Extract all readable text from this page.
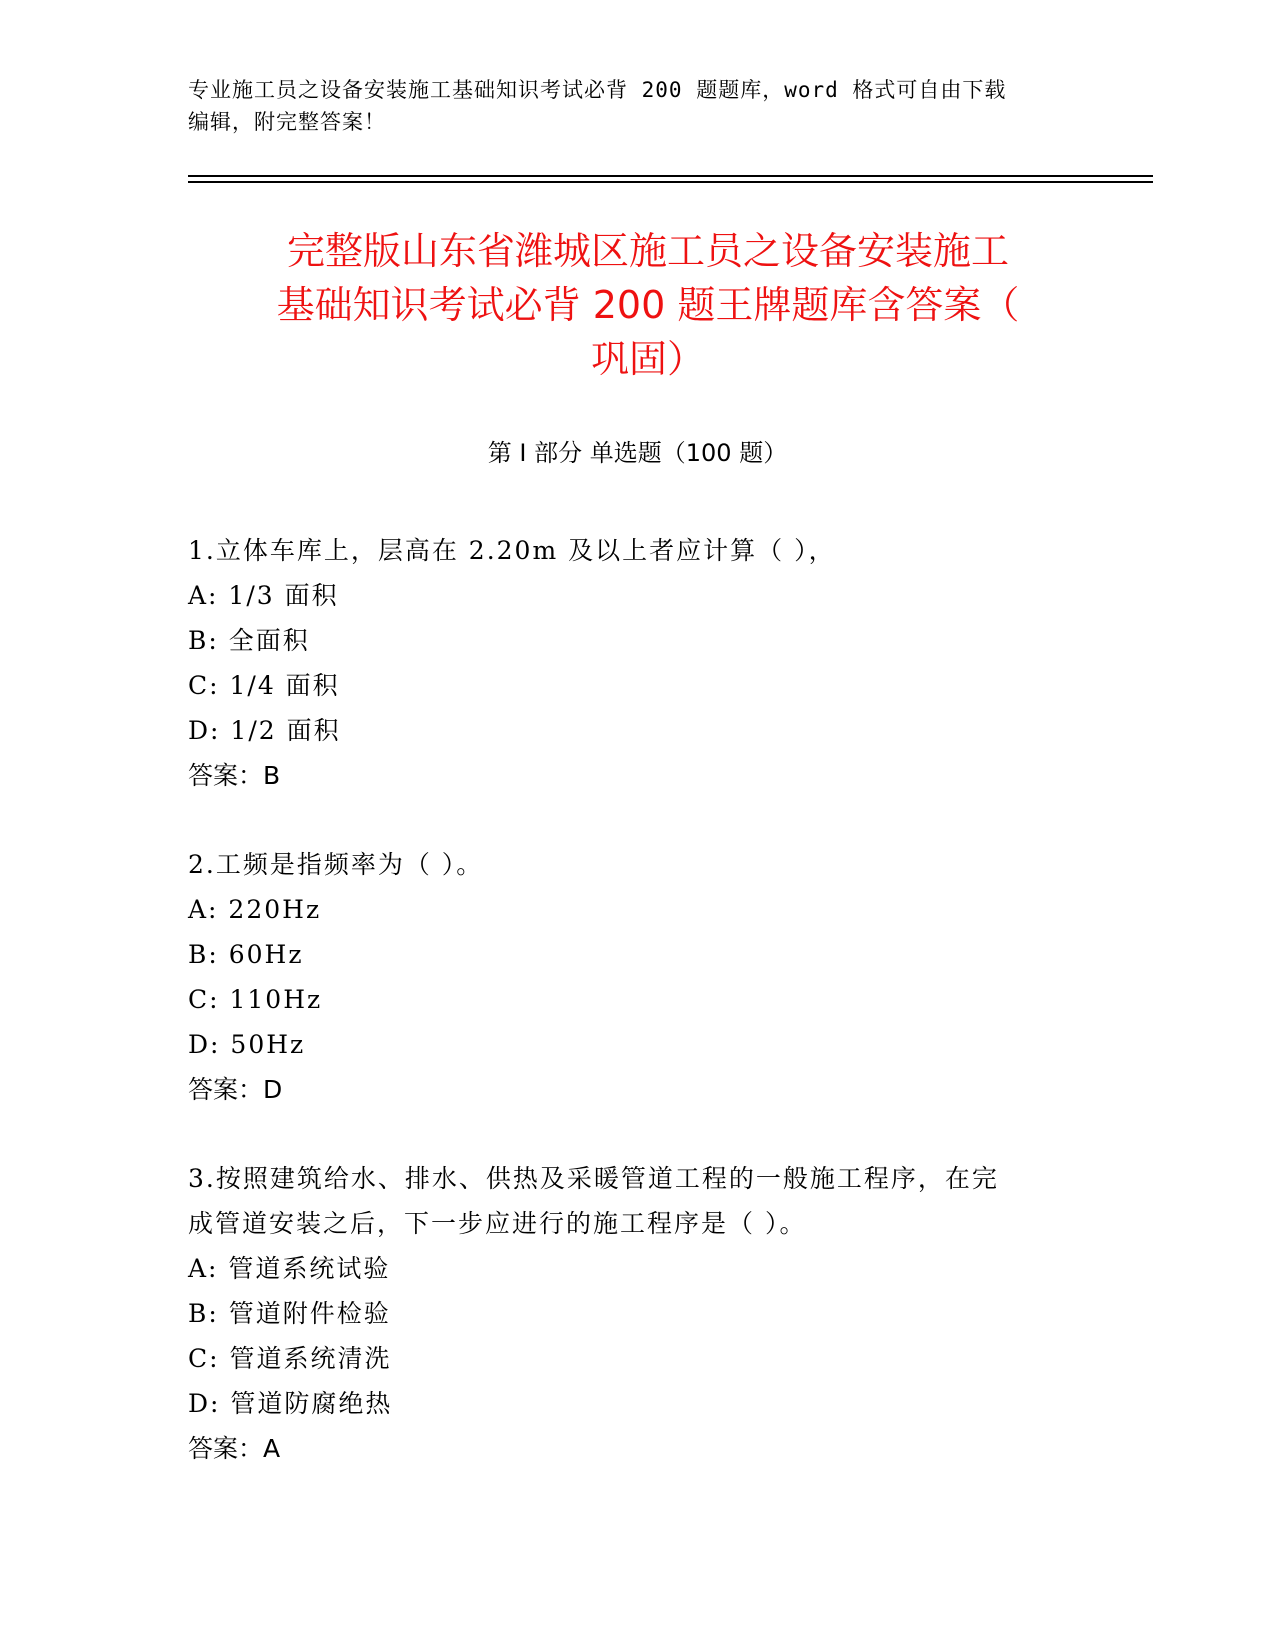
专业施工员之设备安装施工基础知识考试必背 200 题题库，word 格式可自由下载
编辑，附完整答案！
完整版山东省潍城区施工员之设备安装施工
基础知识考试必背 200 题王牌题库含答案（
巩固）
第 I 部分 单选题（100 题）
1.立体车库上，层高在 2.20m 及以上者应计算（ ），
A: 1/3 面积
B: 全面积
C: 1/4 面积
D: 1/2 面积
答案：B
2.工频是指频率为（ ）。
A: 220Hz
B: 60Hz
C: 110Hz
D: 50Hz
答案：D
3.按照建筑给水、排水、供热及采暖管道工程的一般施工程序，在完
成管道安装之后，下一步应进行的施工程序是（ ）。
A: 管道系统试验
B: 管道附件检验
C: 管道系统清洗
D: 管道防腐绝热
答案：A
